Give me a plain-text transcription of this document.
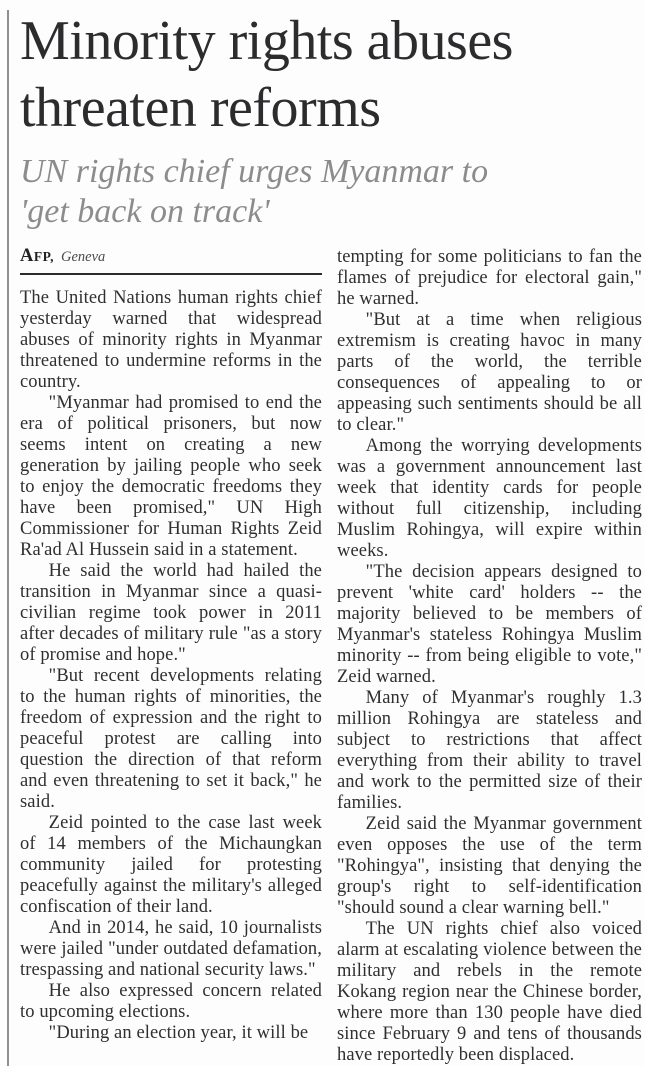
Minority rights abuses threaten reforms
UN rights chief urges Myanmar to 'get back on track'
AFP, Geneva

The United Nations human rights chief yesterday warned that widespread abuses of minority rights in Myanmar threatened to undermine reforms in the country.

"Myanmar had promised to end the era of political prisoners, but now seems intent on creating a new generation by jailing people who seek to enjoy the democratic freedoms they have been promised," UN High Commissioner for Human Rights Zeid Ra'ad Al Hussein said in a statement.

He said the world had hailed the transition in Myanmar since a quasi-civilian regime took power in 2011 after decades of military rule "as a story of promise and hope."

"But recent developments relating to the human rights of minorities, the freedom of expression and the right to peaceful protest are calling into question the direction of that reform and even threatening to set it back," he said.

Zeid pointed to the case last week of 14 members of the Michaungkan community jailed for protesting peacefully against the military's alleged confiscation of their land.

And in 2014, he said, 10 journalists were jailed "under outdated defamation, trespassing and national security laws."

He also expressed concern related to upcoming elections.

"During an election year, it will be

tempting for some politicians to fan the flames of prejudice for electoral gain," he warned.

"But at a time when religious extremism is creating havoc in many parts of the world, the terrible consequences of appealing to or appeasing such sentiments should be all to clear."

Among the worrying developments was a government announcement last week that identity cards for people without full citizenship, including Muslim Rohingya, will expire within weeks.

"The decision appears designed to prevent 'white card' holders -- the majority believed to be members of Myanmar's stateless Rohingya Muslim minority -- from being eligible to vote," Zeid warned.

Many of Myanmar's roughly 1.3 million Rohingya are stateless and subject to restrictions that affect everything from their ability to travel and work to the permitted size of their families.

Zeid said the Myanmar government even opposes the use of the term "Rohingya", insisting that denying the group's right to self-identification "should sound a clear warning bell."

The UN rights chief also voiced alarm at escalating violence between the military and rebels in the remote Kokang region near the Chinese border, where more than 130 people have died since February 9 and tens of thousands have reportedly been displaced.
